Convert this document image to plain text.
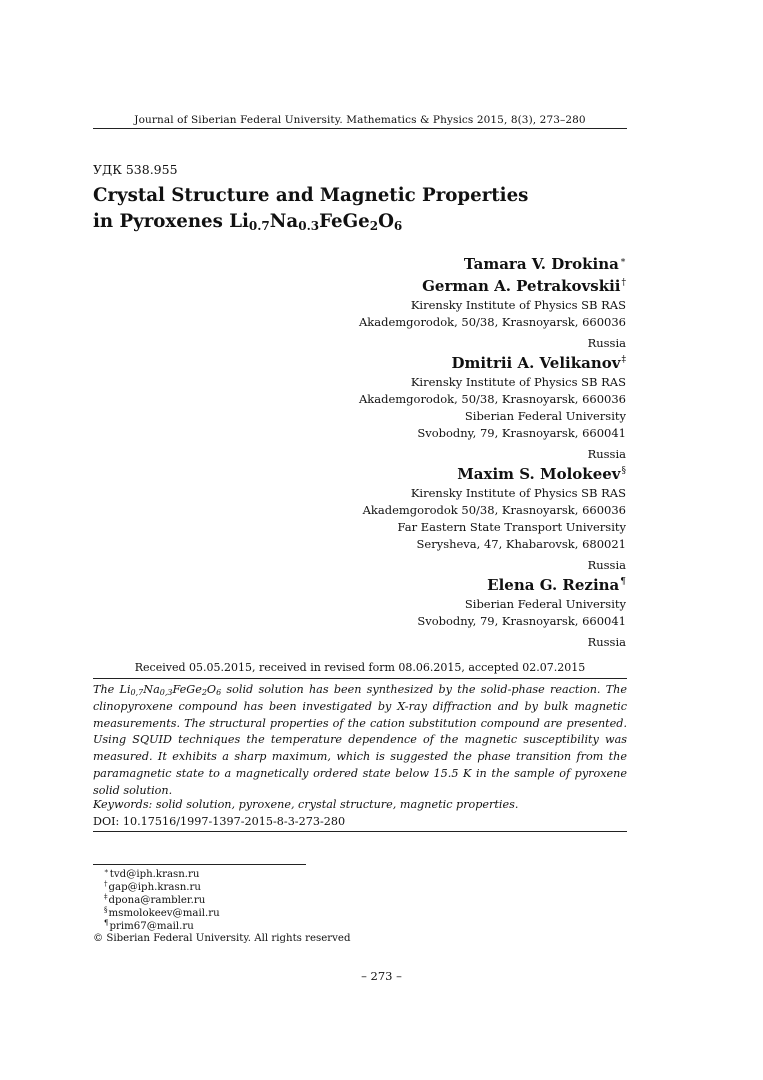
Journal of Siberian Federal University. Mathematics & Physics 2015, 8(3), 273–280
УДК 538.955
Crystal Structure and Magnetic Properties
in Pyroxenes $Li_{0.7}Na_{0.3}FeGe_2O_6$
Tamara V. Drokina∗
German A. Petrakovskii†
Kirensky Institute of Physics SB RAS
Akademgorodok, 50/38, Krasnoyarsk, 660036
Russia
Dmitrii A. Velikanov‡
Kirensky Institute of Physics SB RAS
Akademgorodok, 50/38, Krasnoyarsk, 660036
Siberian Federal University
Svobodny, 79, Krasnoyarsk, 660041
Russia
Maxim S. Molokeev§
Kirensky Institute of Physics SB RAS
Akademgorodok 50/38, Krasnoyarsk, 660036
Far Eastern State Transport University
Serysheva, 47, Khabarovsk, 680021
Russia
Elena G. Rezina¶
Siberian Federal University
Svobodny, 79, Krasnoyarsk, 660041
Russia
Received 05.05.2015, received in revised form 08.06.2015, accepted 02.07.2015
The $Li_{0,7}Na_{0,3}FeGe_2O_6$ solid solution has been synthesized by the solid-phase reaction. The clinopyroxene compound has been investigated by X-ray diffraction and by bulk magnetic measurements. The structural properties of the cation substitution compound are presented. Using SQUID techniques the temperature dependence of the magnetic susceptibility was measured. It exhibits a sharp maximum, which is suggested the phase transition from the paramagnetic state to a magnetically ordered state below 15.5 K in the sample of pyroxene solid solution.
Keywords: solid solution, pyroxene, crystal structure, magnetic properties.
DOI: 10.17516/1997-1397-2015-8-3-273-280
∗tvd@iph.krasn.ru
†gap@iph.krasn.ru
‡dpona@rambler.ru
§msmolokeev@mail.ru
¶prim67@mail.ru
© Siberian Federal University. All rights reserved
– 273 –
